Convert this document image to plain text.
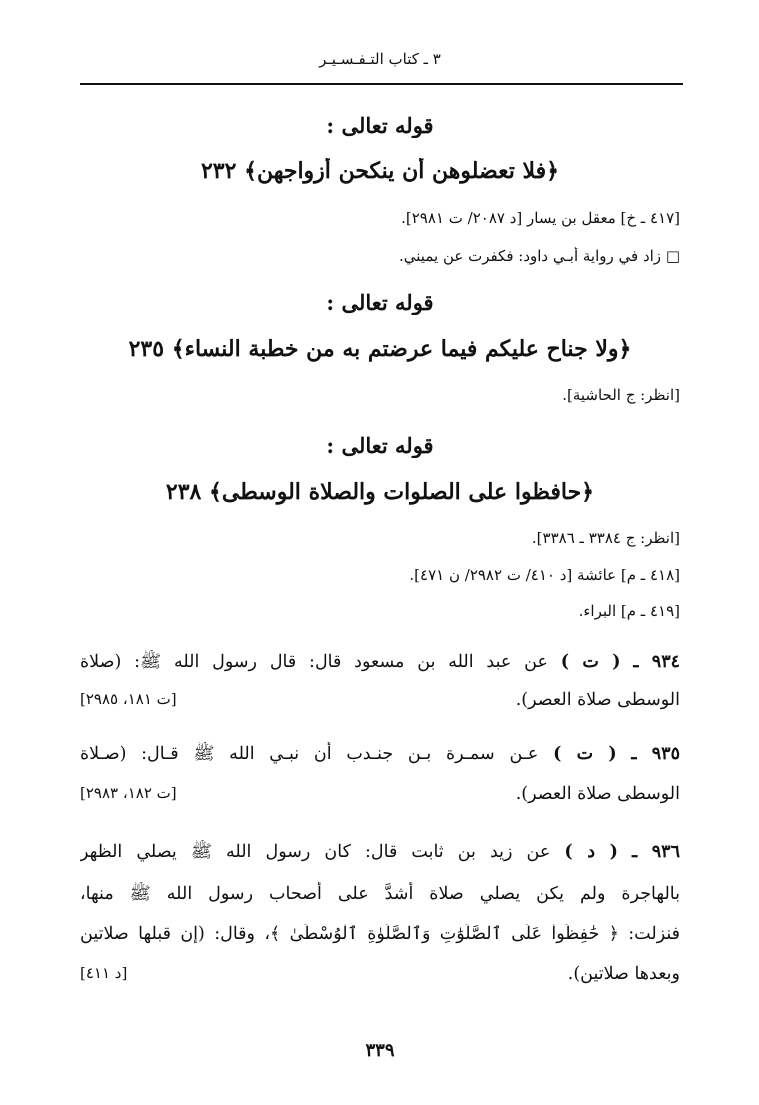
٣ ـ كتاب التـفـسـيـر
قوله تعالى :
﴿فلا تعضلوهن أن ينكحن أزواجهن﴾ ٢٣٢
[٤١٧ ـ خ] معقل بن يسار [د ٢٠٨٧/ ت ٢٩٨١].
□ زاد في رواية أبـي داود: فكفرت عن يميني.
قوله تعالى :
﴿ولا جناح عليكم فيما عرضتم به من خطبة النساء﴾ ٢٣٥
[انظر: ج الحاشية].
قوله تعالى :
﴿حافظوا على الصلوات والصلاة الوسطى﴾ ٢٣٨
[انظر: ج ٣٣٨٤ ـ ٣٣٨٦].
[٤١٨ ـ م] عائشة [د ٤١٠/ ت ٢٩٨٢/ ن ٤٧١].
[٤١٩ ـ م] البراء.
٩٣٤ ـ ( ت ) عن عبد الله بن مسعود قال: قال رسول الله ﷺ: (صلاة
الوسطى صلاة العصر).
[ت ١٨١، ٢٩٨٥]
٩٣٥ ـ ( ت ) عـن سمـرة بـن جنـدب أن نبـي الله ﷺ قـال: (صـلاة
الوسطى صلاة العصر).
[ت ١٨٢، ٢٩٨٣]
٩٣٦ ـ ( د ) عن زيد بن ثابت قال: كان رسول الله ﷺ يصلي الظهر
بالهاجرة ولم يكن يصلي صلاة أشدَّ على أصحاب رسول الله ﷺ منها،
فنزلت: ﴿ حَٰفِظُواْ عَلَى ٱلصَّلَوَٰتِ وَٱلصَّلَوٰةِ ٱلْوُسْطَىٰ ﴾، وقال: (إن قبلها صلاتين
وبعدها صلاتين).
[د ٤١١]
٣٣٩
